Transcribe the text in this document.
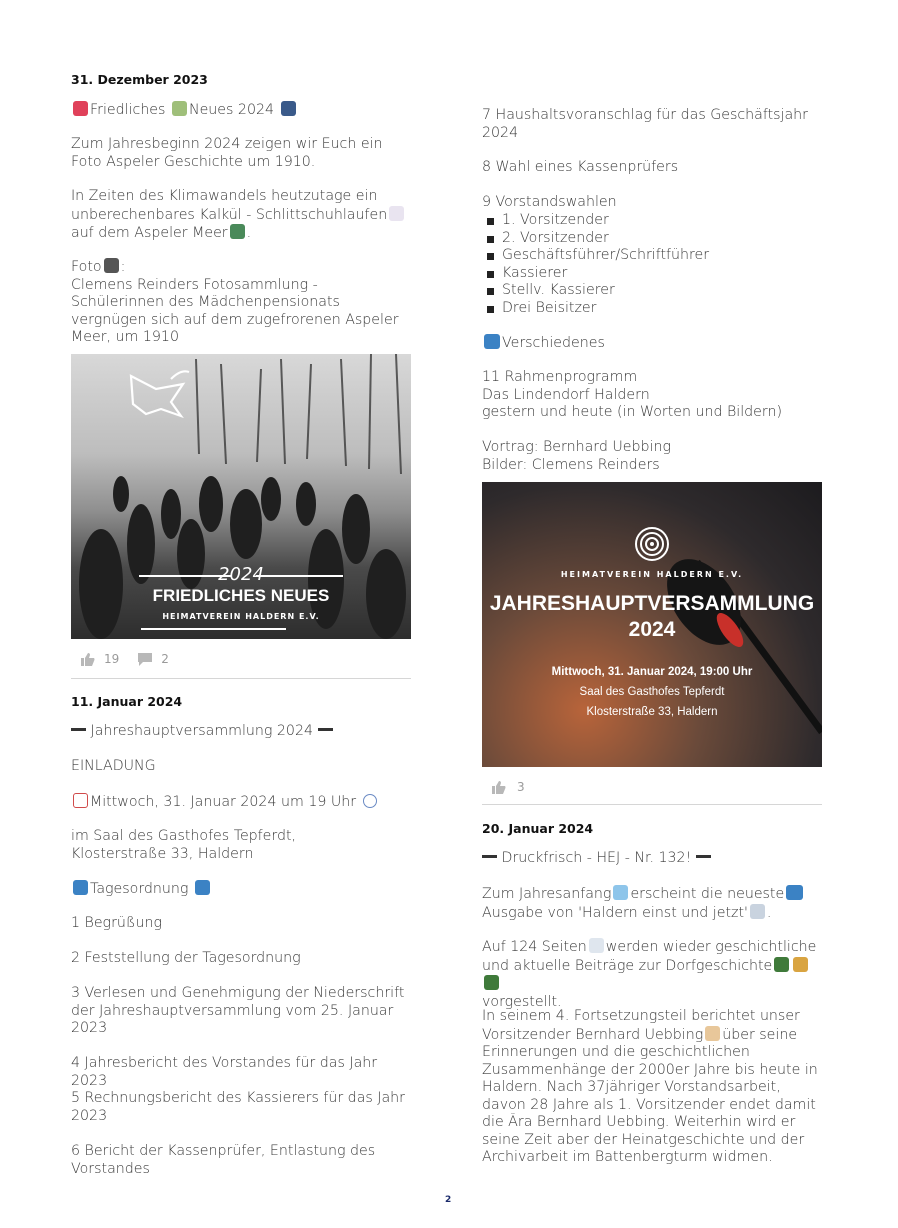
31. Dezember 2023

Friedliches Neues 2024

Zum Jahresbeginn 2024 zeigen wir Euch ein Foto Aspeler Geschichte um 1910.

In Zeiten des Klimawandels heutzutage ein unberechenbares Kalkül - Schlittschuhlaufenauf dem Aspeler Meer .

Foto :
Clemens Reinders Fotosammlung - Schülerinnen des Mädchenpensionats vergnügen sich auf dem zugefrorenen Aspeler Meer, um 1910

2024
FRIEDLICHES NEUES
HEIMATVEREIN HALDERN E.V.
19	2
11. Januar 2024

Jahreshauptversammlung 2024

EINLADUNG

Mittwoch, 31. Januar 2024 um 19 Uhr

im Saal des Gasthofes Tepferdt,
Klosterstraße 33, Haldern

Tagesordnung

1 Begrüßung

2 Feststellung der Tagesordnung

3 Verlesen und Genehmigung der Niederschrift der Jahreshauptversammlung vom 25. Januar 2023

4 Jahresbericht des Vorstandes für das Jahr 2023

5 Rechnungsbericht des Kassierers für das Jahr 2023

6 Bericht der Kassenprüfer, Entlastung des Vorstandes

7 Haushaltsvoranschlag für das Geschäftsjahr 2024

8 Wahl eines Kassenprüfers

9 Vorstandswahlen

1. Vorsitzender
2. Vorsitzender
Geschäftsführer/Schriftführer
Kassierer
Stellv. Kassierer
Drei Beisitzer

Verschiedenes

11 Rahmenprogramm
Das Lindendorf Haldern
gestern und heute (in Worten und Bildern)

Vortrag: Bernhard Uebbing
Bilder: Clemens Reinders

HEIMATVEREIN HALDERN E.V.
JAHRESHAUPTVERSAMMLUNG
2024
Mittwoch, 31. Januar 2024, 19:00 Uhr
Saal des Gasthofes Tepferdt
Klosterstraße 33, Haldern
3
20. Januar 2024

Druckfrisch - HEJ - Nr. 132!

Zum Jahresanfang erscheint die neueste
Ausgabe von 'Haldern einst und jetzt' .

Auf 124 Seiten werden wieder geschichtliche und aktuelle Beiträge zur Dorfgeschichte
vorgestellt.

In seinem 4. Fortsetzungsteil berichtet unser Vorsitzender Bernhard Uebbing über seine Erinnerungen und die geschichtlichen Zusammenhänge der 2000er Jahre bis heute in Haldern. Nach 37jähriger Vorstandsarbeit, davon 28 Jahre als 1. Vorsitzender endet damit die Ära Bernhard Uebbing. Weiterhin wird er seine Zeit aber der Heinatgeschichte und der Archivarbeit im Battenbergturm widmen.

2
